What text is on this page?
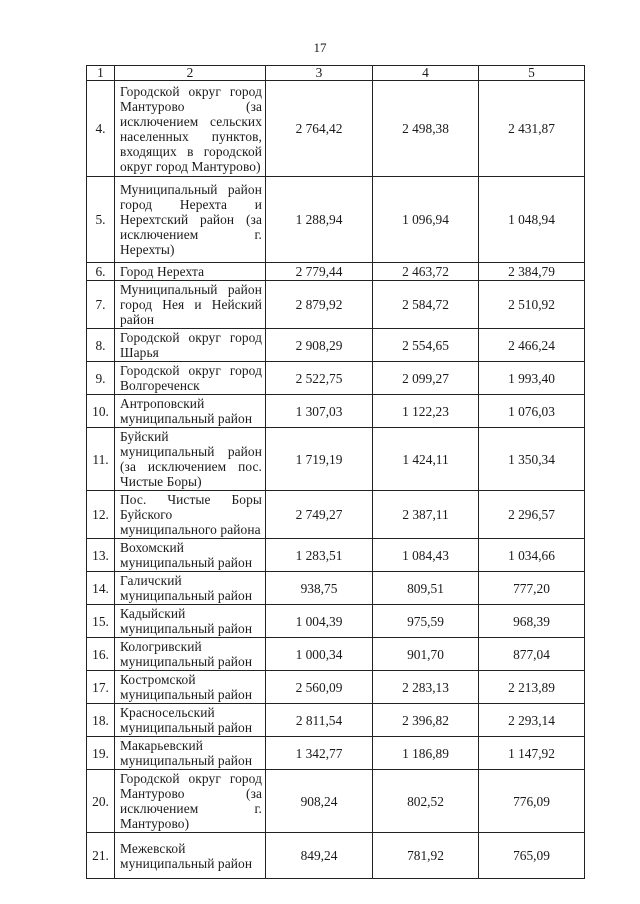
17
1	2	3	4	5
4.	Городской округ город Мантурово (за исключением сельских населенных пунктов, входящих в городской округ город Мантурово)	2 764,42	2 498,38	2 431,87
5.	Муниципальный район город Нерехта и Нерехтский район (за исключением г. Нерехты)	1 288,94	1 096,94	1 048,94
6.	Город Нерехта	2 779,44	2 463,72	2 384,79
7.	Муниципальный район город Нея и Нейский район	2 879,92	2 584,72	2 510,92
8.	Городской округ город Шарья	2 908,29	2 554,65	2 466,24
9.	Городской округ город Волгореченск	2 522,75	2 099,27	1 993,40
10.	Антроповский муниципальный район	1 307,03	1 122,23	1 076,03
11.	Буйский муниципальный район (за исключением пос. Чистые Боры)	1 719,19	1 424,11	1 350,34
12.	Пос. Чистые Боры Буйского муниципального района	2 749,27	2 387,11	2 296,57
13.	Вохомский муниципальный район	1 283,51	1 084,43	1 034,66
14.	Галичский муниципальный район	938,75	809,51	777,20
15.	Кадыйский муниципальный район	1 004,39	975,59	968,39
16.	Кологривский муниципальный район	1 000,34	901,70	877,04
17.	Костромской муниципальный район	2 560,09	2 283,13	2 213,89
18.	Красносельский муниципальный район	2 811,54	2 396,82	2 293,14
19.	Макарьевский муниципальный район	1 342,77	1 186,89	1 147,92
20.	Городской округ город Мантурово (за исключением г. Мантурово)	908,24	802,52	776,09
21.	Межевской муниципальный район	849,24	781,92	765,09
